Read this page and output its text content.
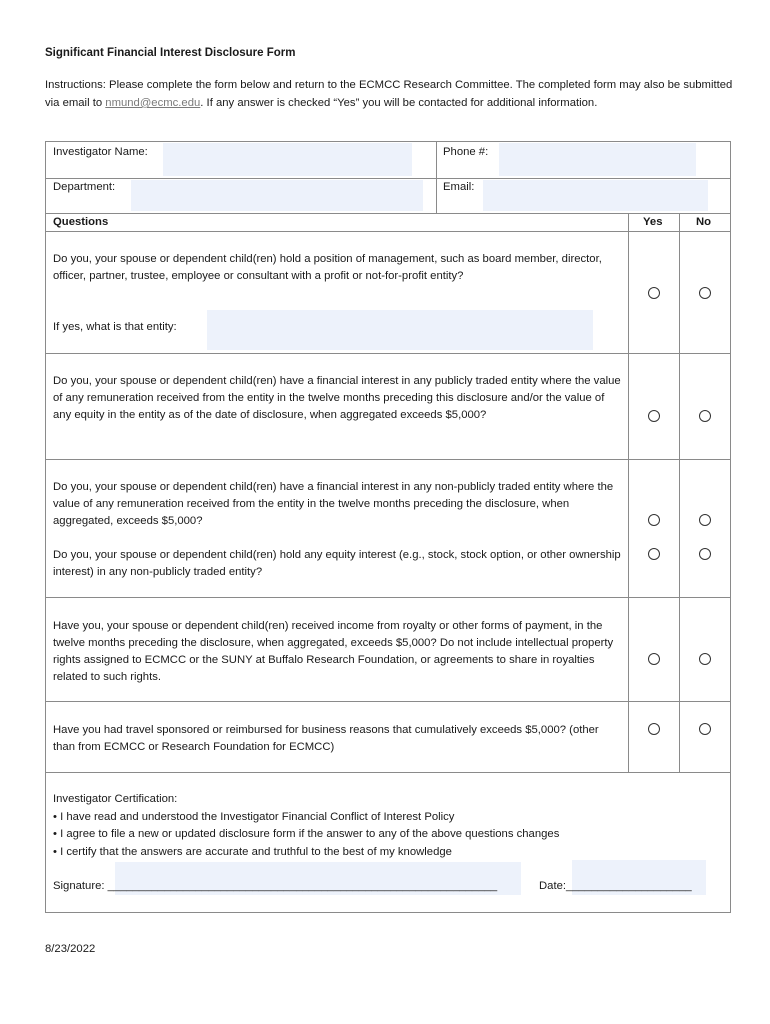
Significant Financial Interest Disclosure Form
Instructions: Please complete the form below and return to the ECMCC Research Committee. The completed form may also be submitted via email to nmund@ecmc.edu. If any answer is checked “Yes” you will be contacted for additional information.
Investigator Name:	Phone #:
Department:	Email:
Questions	Yes	No
Do you, your spouse or dependent child(ren) hold a position of management, such as board member, director, officer, partner, trustee, employee or consultant with a profit or not-for-profit entity?
If yes, what is that entity:
Do you, your spouse or dependent child(ren) have a financial interest in any publicly traded entity where the value of any remuneration received from the entity in the twelve months preceding this disclosure and/or the value of any equity in the entity as of the date of disclosure, when aggregated exceeds $5,000?
Do you, your spouse or dependent child(ren) have a financial interest in any non-publicly traded entity where the value of any remuneration received from the entity in the twelve months preceding the disclosure, when aggregated, exceeds $5,000?
Do you, your spouse or dependent child(ren) hold any equity interest (e.g., stock, stock option, or other ownership interest) in any non-publicly traded entity?
Have you, your spouse or dependent child(ren) received income from royalty or other forms of payment, in the twelve months preceding the disclosure, when aggregated, exceeds $5,000? Do not include intellectual property rights assigned to ECMCC or the SUNY at Buffalo Research Foundation, or agreements to share in royalties related to such rights.
Have you had travel sponsored or reimbursed for business reasons that cumulatively exceeds $5,000? (other than from ECMCC or Research Foundation for ECMCC)
Investigator Certification:
• I have read and understood the Investigator Financial Conflict of Interest Policy
• I agree to file a new or updated disclosure form if the answer to any of the above questions changes
• I certify that the answers are accurate and truthful to the best of my knowledge
Signature: ______________________________________________________________	Date:____________________
8/23/2022
